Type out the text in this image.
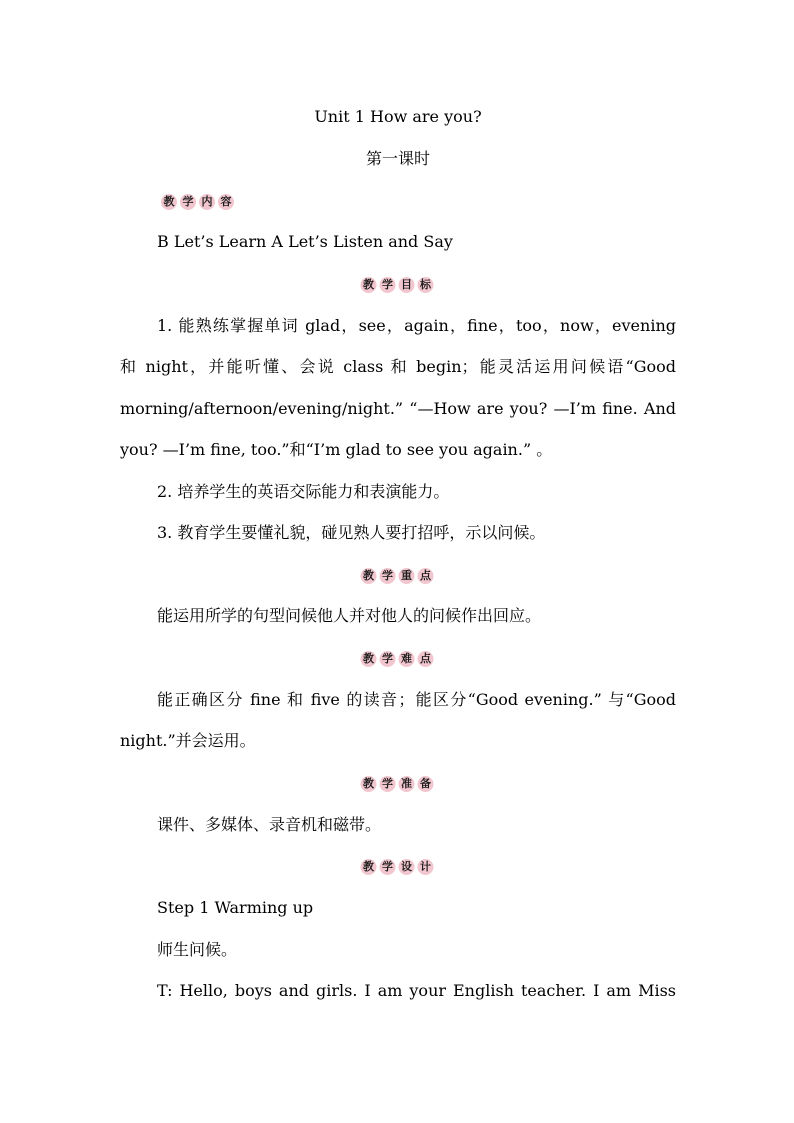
Unit 1 How are you?
第一课时
教 学 内 容
B Let’s Learn A Let’s Listen and Say
教 学 目 标
1. 能熟练掌握单词 glad，see，again，fine，too，now，evening
和 night，并能听懂、会说 class 和 begin；能灵活运用问候语“Good
morning/afternoon/evening/night.” “—How are you? —I’m fine. And
you? —I’m fine, too.”和“I’m glad to see you again.” 。
2. 培养学生的英语交际能力和表演能力。
3. 教育学生要懂礼貌，碰见熟人要打招呼，示以问候。
教 学 重 点
能运用所学的句型问候他人并对他人的问候作出回应。
教 学 难 点
能正确区分 fine 和 five 的读音；能区分“Good evening.” 与“Good
night.”并会运用。
教 学 准 备
课件、多媒体、录音机和磁带。
教 学 设 计
Step 1 Warming up
师生问候。
T: Hello, boys and girls. I am your English teacher. I am Miss
